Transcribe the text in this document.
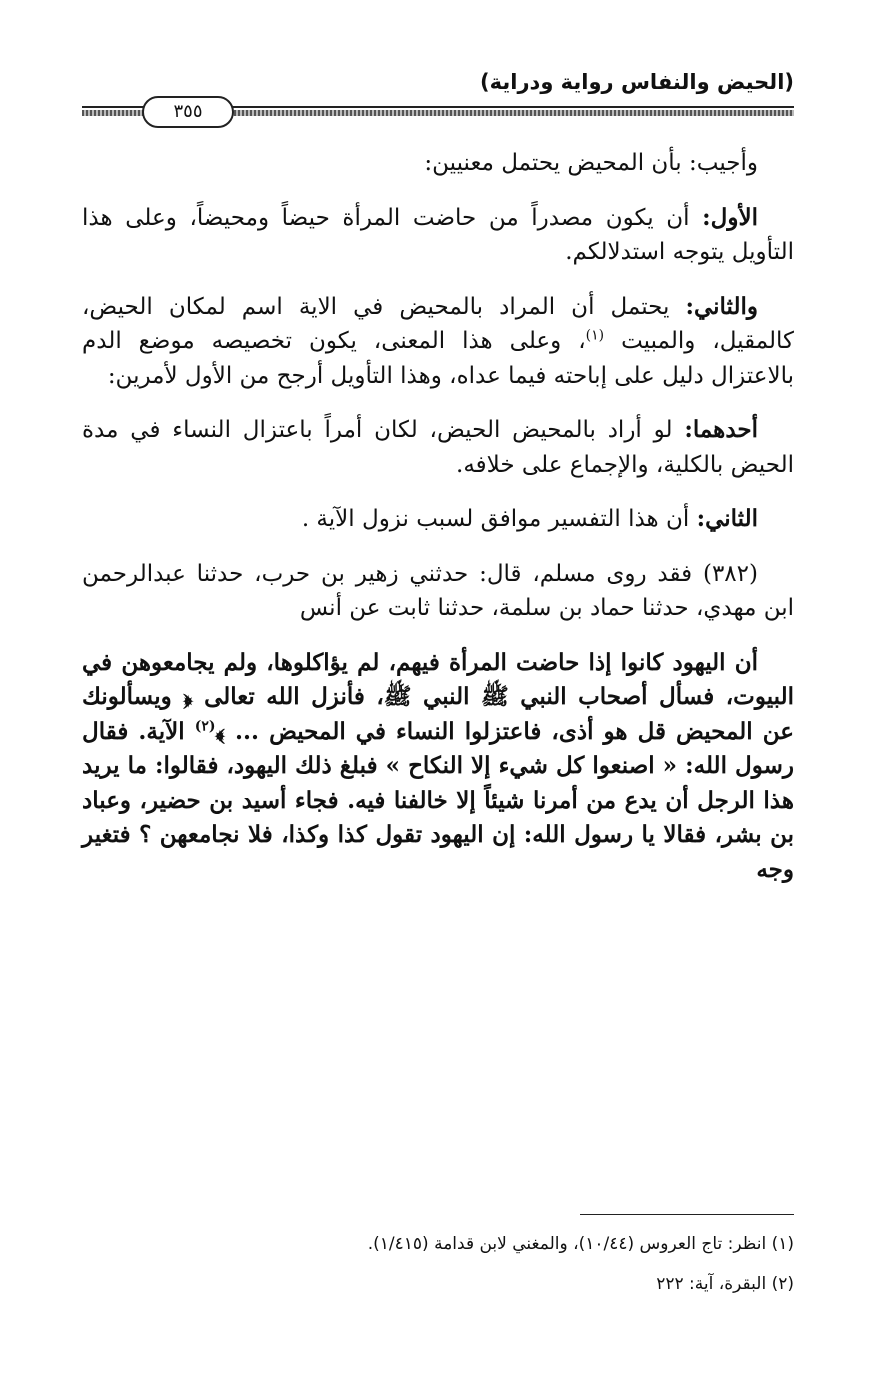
(الحيض والنفاس رواية ودراية)
٣٥٥

وأجيب: بأن المحيض يحتمل معنيين:

الأول: أن يكون مصدراً من حاضت المرأة حيضاً ومحيضاً، وعلى هذا التأويل يتوجه استدلالكم.

والثاني: يحتمل أن المراد بالمحيض في الاية اسم لمكان الحيض، كالمقيل، والمبيت $^{(١)}$، وعلى هذا المعنى، يكون تخصيصه موضع الدم بالاعتزال دليل على إباحته فيما عداه، وهذا التأويل أرجح من الأول لأمرين:

أحدهما: لو أراد بالمحيض الحيض، لكان أمراً باعتزال النساء في مدة الحيض بالكلية، والإجماع على خلافه.

الثاني: أن هذا التفسير موافق لسبب نزول الآية .

(٣٨٢) فقد روى مسلم، قال: حدثني زهير بن حرب، حدثنا عبدالرحمن ابن مهدي، حدثنا حماد بن سلمة، حدثنا ثابت عن أنس

أن اليهود كانوا إذا حاضت المرأة فيهم، لم يؤاكلوها، ولم يجامعوهن في البيوت، فسأل أصحاب النبي ﷺ النبي ﷺ، فأنزل الله تعالى ﴿ ويسألونك عن المحيض قل هو أذى، فاعتزلوا النساء في المحيض ... ﴾$^{(٢)}$ الآية. فقال رسول الله: « اصنعوا كل شيء إلا النكاح » فبلغ ذلك اليهود، فقالوا: ما يريد هذا الرجل أن يدع من أمرنا شيئاً إلا خالفنا فيه. فجاء أسيد بن حضير، وعباد بن بشر، فقالا يا رسول الله: إن اليهود تقول كذا وكذا، فلا نجامعهن ؟ فتغير وجه

(١) انظر: تاج العروس (١٠/٤٤)، والمغني لابن قدامة (١/٤١٥).

(٢) البقرة، آية: ٢٢٢
